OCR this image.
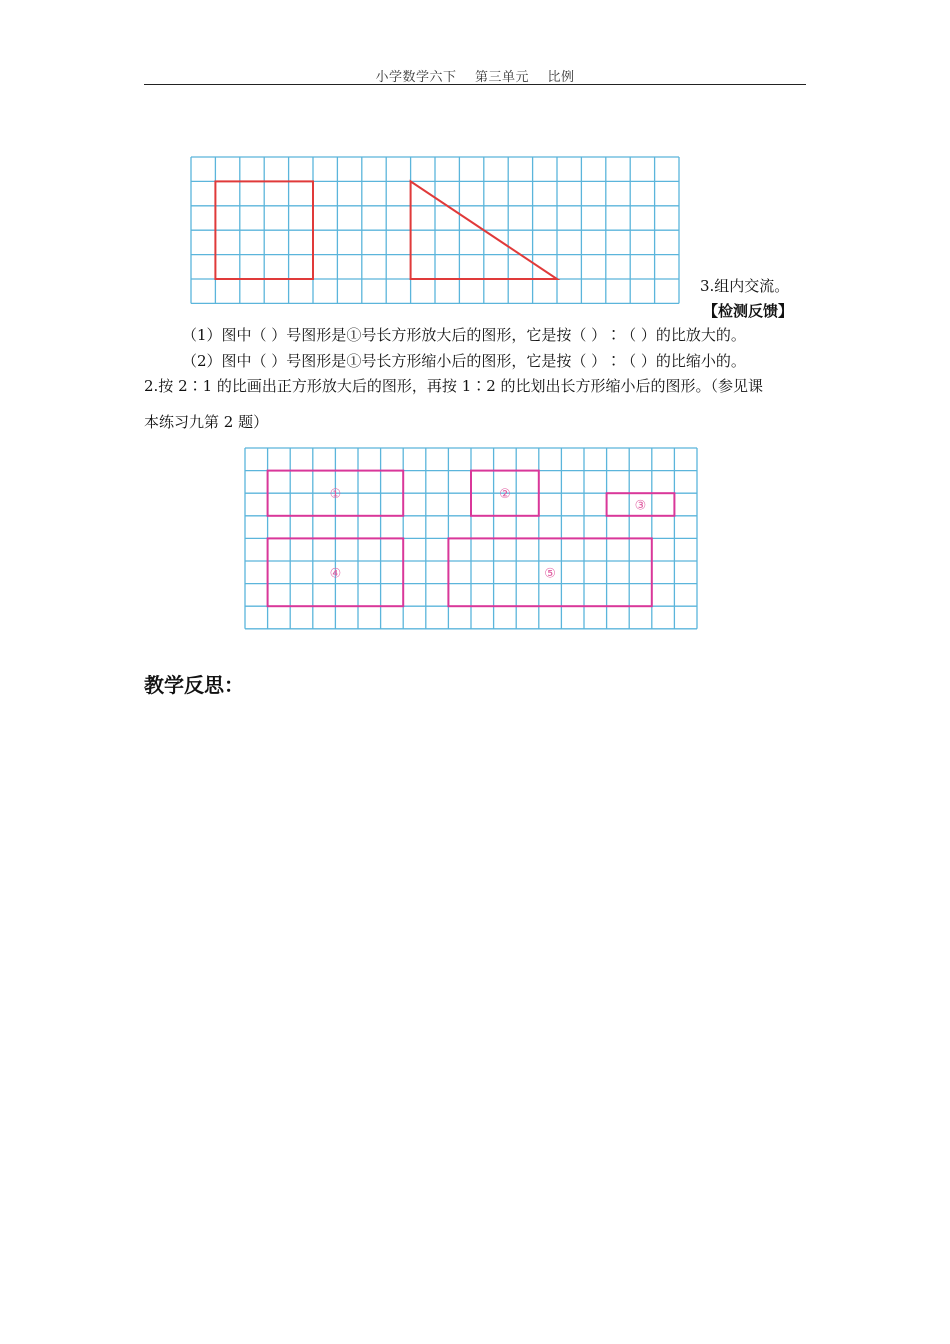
小学数学六下    第三单元    比例
3.组内交流。
【检测反馈】
（1）图中（ ）号图形是①号长方形放大后的图形，它是按（ ）∶（ ）的比放大的。
（2）图中（ ）号图形是①号长方形缩小后的图形，它是按（ ）∶（ ）的比缩小的。
2.按 2∶1 的比画出正方形放大后的图形，再按 1∶2 的比划出长方形缩小后的图形。（参见课
本练习九第 2 题）
①	②
③
④	⑤
教学反思：
